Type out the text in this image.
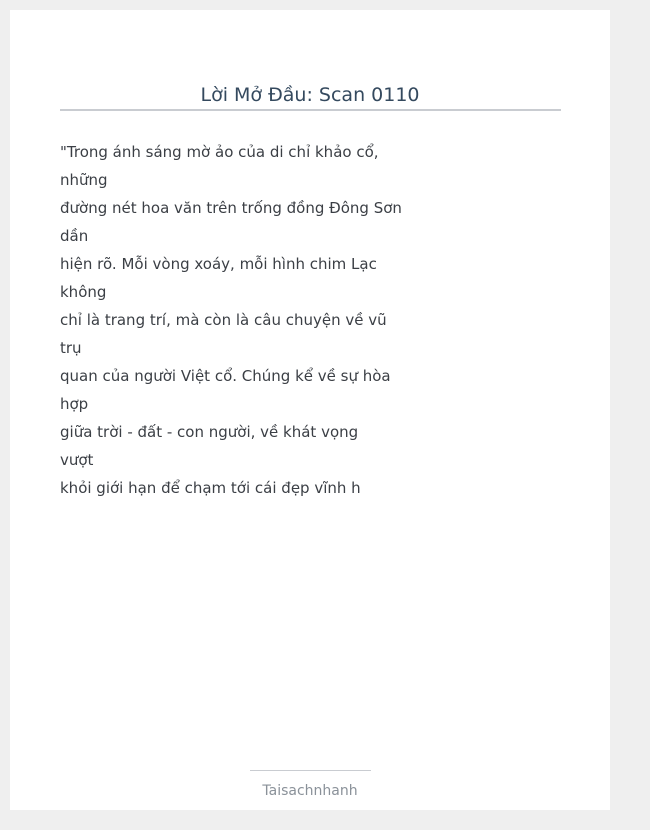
Lời Mở Đầu: Scan 0110
"Trong ánh sáng mờ ảo của di chỉ khảo cổ,
những
đường nét hoa văn trên trống đồng Đông Sơn
dần
hiện rõ. Mỗi vòng xoáy, mỗi hình chim Lạc
không
chỉ là trang trí, mà còn là câu chuyện về vũ
trụ
quan của người Việt cổ. Chúng kể về sự hòa
hợp
giữa trời - đất - con người, về khát vọng
vượt
khỏi giới hạn để chạm tới cái đẹp vĩnh h
Taisachnhanh
